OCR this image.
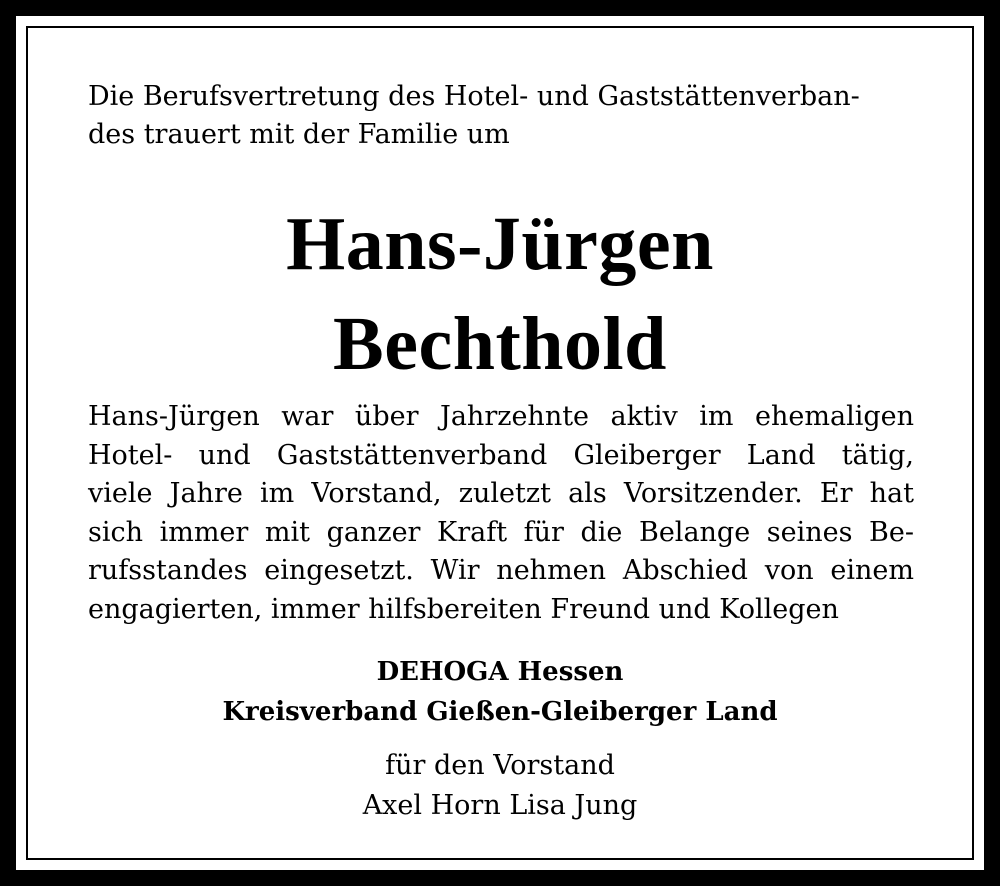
Die Berufsvertretung des Hotel- und Gaststättenverban-
des trauert mit der Familie um
Hans-Jürgen
Bechthold
Hans-Jürgen war über Jahrzehnte aktiv im ehemaligen
Hotel- und Gaststättenverband Gleiberger Land tätig,
viele Jahre im Vorstand, zuletzt als Vorsitzender. Er hat
sich immer mit ganzer Kraft für die Belange seines Be-
rufsstandes eingesetzt. Wir nehmen Abschied von einem
engagierten, immer hilfsbereiten Freund und Kollegen
DEHOGA Hessen
Kreisverband Gießen-Gleiberger Land
für den Vorstand
Axel Horn Lisa Jung
